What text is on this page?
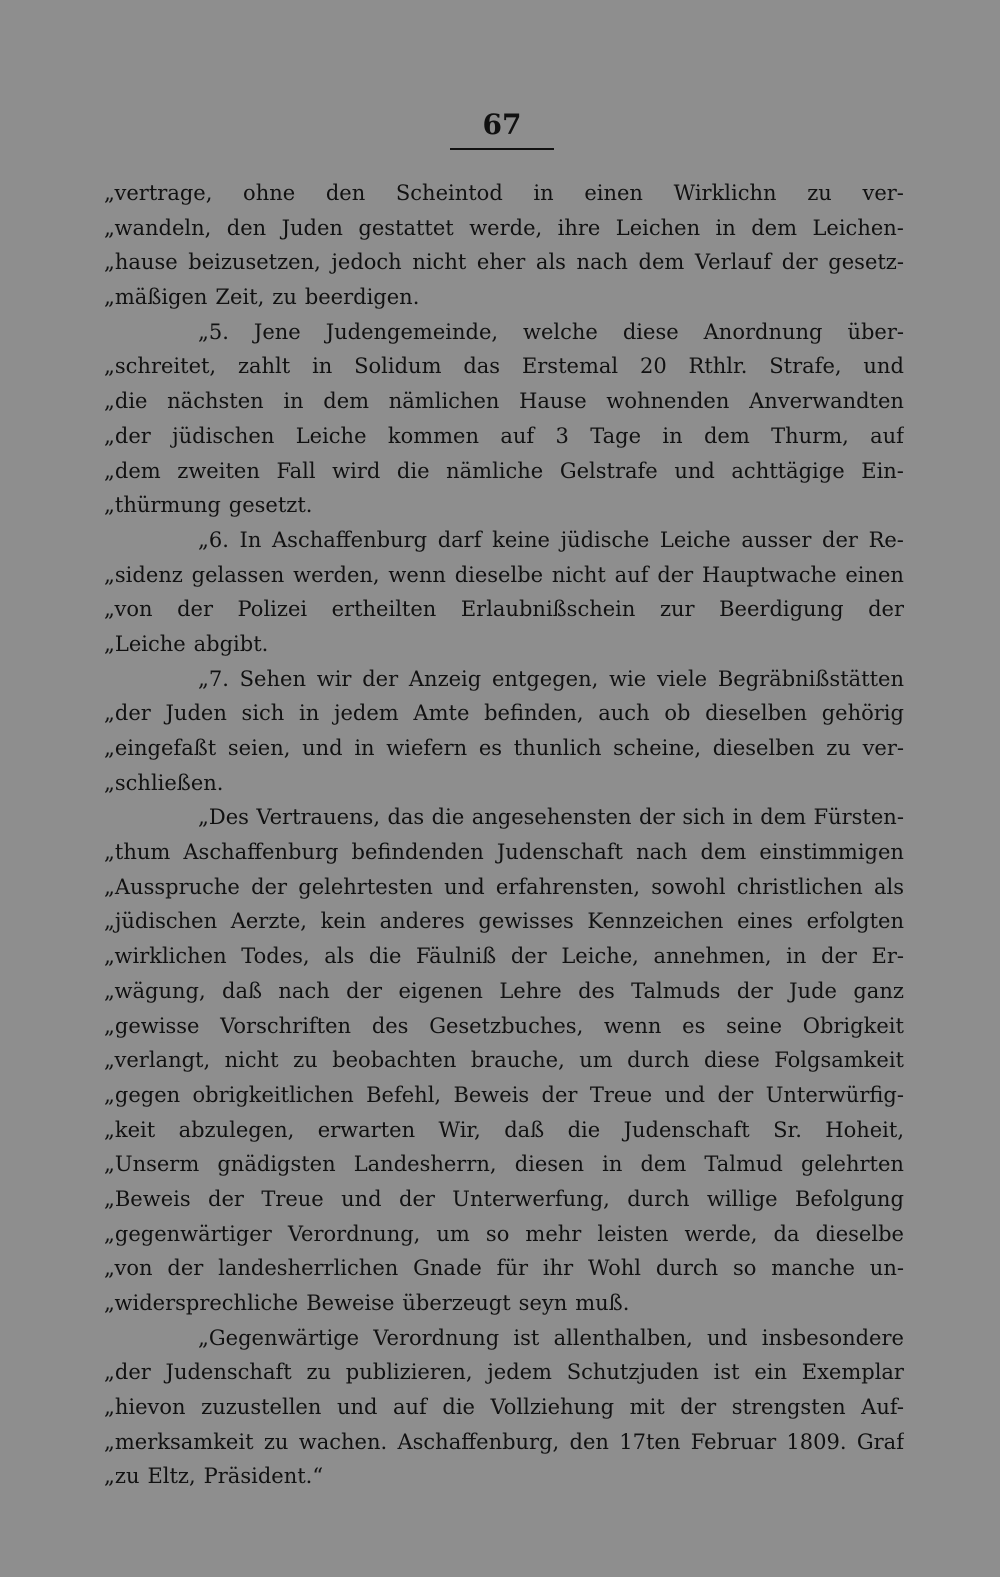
67
„vertrage, ohne den Scheintod in einen Wirklichn zu ver-
„wandeln, den Juden gestattet werde, ihre Leichen in dem Leichen-
„hause beizusetzen, jedoch nicht eher als nach dem Verlauf der gesetz-
„mäßigen Zeit, zu beerdigen.
„5. Jene Judengemeinde, welche diese Anordnung über-
„schreitet, zahlt in Solidum das Erstemal 20 Rthlr. Strafe, und
„die nächsten in dem nämlichen Hause wohnenden Anverwandten
„der jüdischen Leiche kommen auf 3 Tage in dem Thurm, auf
„dem zweiten Fall wird die nämliche Gelstrafe und achttägige Ein-
„thürmung gesetzt.
„6. In Aschaffenburg darf keine jüdische Leiche ausser der Re-
„sidenz gelassen werden, wenn dieselbe nicht auf der Hauptwache einen
„von der Polizei ertheilten Erlaubnißschein zur Beerdigung der
„Leiche abgibt.
„7. Sehen wir der Anzeig entgegen, wie viele Begräbnißstätten
„der Juden sich in jedem Amte befinden, auch ob dieselben gehörig
„eingefaßt seien, und in wiefern es thunlich scheine, dieselben zu ver-
„schließen.
„Des Vertrauens, das die angesehensten der sich in dem Fürsten-
„thum Aschaffenburg befindenden Judenschaft nach dem einstimmigen
„Ausspruche der gelehrtesten und erfahrensten, sowohl christlichen als
„jüdischen Aerzte, kein anderes gewisses Kennzeichen eines erfolgten
„wirklichen Todes, als die Fäulniß der Leiche, annehmen, in der Er-
„wägung, daß nach der eigenen Lehre des Talmuds der Jude ganz
„gewisse Vorschriften des Gesetzbuches, wenn es seine Obrigkeit
„verlangt, nicht zu beobachten brauche, um durch diese Folgsamkeit
„gegen obrigkeitlichen Befehl, Beweis der Treue und der Unterwürfig-
„keit abzulegen, erwarten Wir, daß die Judenschaft Sr. Hoheit,
„Unserm gnädigsten Landesherrn, diesen in dem Talmud gelehrten
„Beweis der Treue und der Unterwerfung, durch willige Befolgung
„gegenwärtiger Verordnung, um so mehr leisten werde, da dieselbe
„von der landesherrlichen Gnade für ihr Wohl durch so manche un-
„widersprechliche Beweise überzeugt seyn muß.
„Gegenwärtige Verordnung ist allenthalben, und insbesondere
„der Judenschaft zu publizieren, jedem Schutzjuden ist ein Exemplar
„hievon zuzustellen und auf die Vollziehung mit der strengsten Auf-
„merksamkeit zu wachen. Aschaffenburg, den 17ten Februar 1809. Graf
„zu Eltz, Präsident.“
